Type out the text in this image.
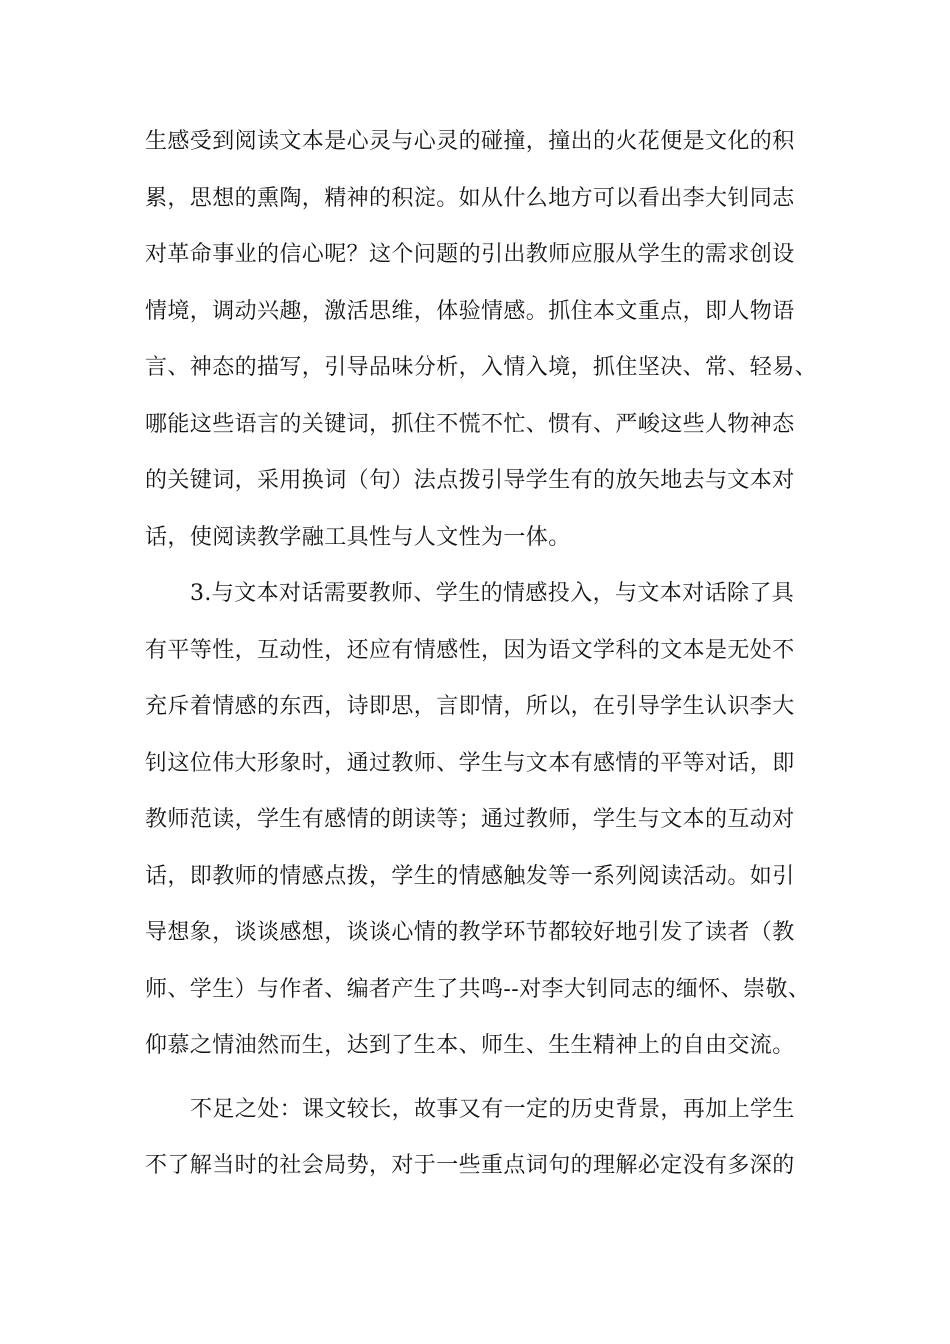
生感受到阅读文本是心灵与心灵的碰撞，撞出的火花便是文化的积
累，思想的熏陶，精神的积淀。如从什么地方可以看出李大钊同志
对革命事业的信心呢？这个问题的引出教师应服从学生的需求创设
情境，调动兴趣，激活思维，体验情感。抓住本文重点，即人物语
言、神态的描写，引导品味分析，入情入境，抓住坚决、常、轻易、
哪能这些语言的关键词，抓住不慌不忙、惯有、严峻这些人物神态
的关键词，采用换词（句）法点拨引导学生有的放矢地去与文本对
话，使阅读教学融工具性与人文性为一体。
3.与文本对话需要教师、学生的情感投入，与文本对话除了具
有平等性，互动性，还应有情感性，因为语文学科的文本是无处不
充斥着情感的东西，诗即思，言即情，所以，在引导学生认识李大
钊这位伟大形象时，通过教师、学生与文本有感情的平等对话，即
教师范读，学生有感情的朗读等；通过教师，学生与文本的互动对
话，即教师的情感点拨，学生的情感触发等一系列阅读活动。如引
导想象，谈谈感想，谈谈心情的教学环节都较好地引发了读者（教
师、学生）与作者、编者产生了共鸣--对李大钊同志的缅怀、崇敬、
仰慕之情油然而生，达到了生本、师生、生生精神上的自由交流。
不足之处：课文较长，故事又有一定的历史背景，再加上学生
不了解当时的社会局势，对于一些重点词句的理解必定没有多深的
